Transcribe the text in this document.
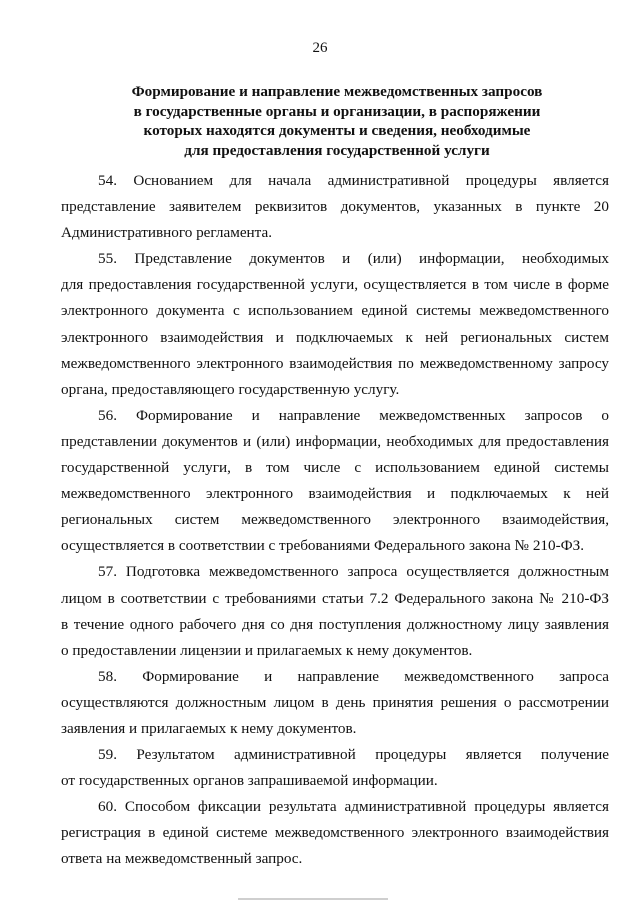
26
Формирование и направление межведомственных запросов
в государственные органы и организации, в распоряжении
которых находятся документы и сведения, необходимые
для предоставления государственной услуги

54. Основанием для начала административной процедуры является
представление заявителем реквизитов документов, указанных в пункте 20
Административного регламента.

55. Представление документов и (или) информации, необходимых
для предоставления государственной услуги, осуществляется в том числе в форме
электронного документа с использованием единой системы межведомственного
электронного взаимодействия и подключаемых к ней региональных систем
межведомственного электронного взаимодействия по межведомственному запросу
органа, предоставляющего государственную услугу.

56. Формирование и направление межведомственных запросов о
представлении документов и (или) информации, необходимых для предоставления
государственной услуги, в том числе с использованием единой системы
межведомственного электронного взаимодействия и подключаемых к ней
региональных систем межведомственного электронного взаимодействия,
осуществляется в соответствии с требованиями Федерального закона № 210-ФЗ.

57. Подготовка межведомственного запроса осуществляется должностным
лицом в соответствии с требованиями статьи 7.2 Федерального закона № 210-ФЗ
в течение одного рабочего дня со дня поступления должностному лицу заявления
о предоставлении лицензии и прилагаемых к нему документов.

58. Формирование и направление межведомственного запроса
осуществляются должностным лицом в день принятия решения о рассмотрении
заявления и прилагаемых к нему документов.

59. Результатом административной процедуры является получение
от государственных органов запрашиваемой информации.

60. Способом фиксации результата административной процедуры является
регистрация в единой системе межведомственного электронного взаимодействия
ответа на межведомственный запрос.
